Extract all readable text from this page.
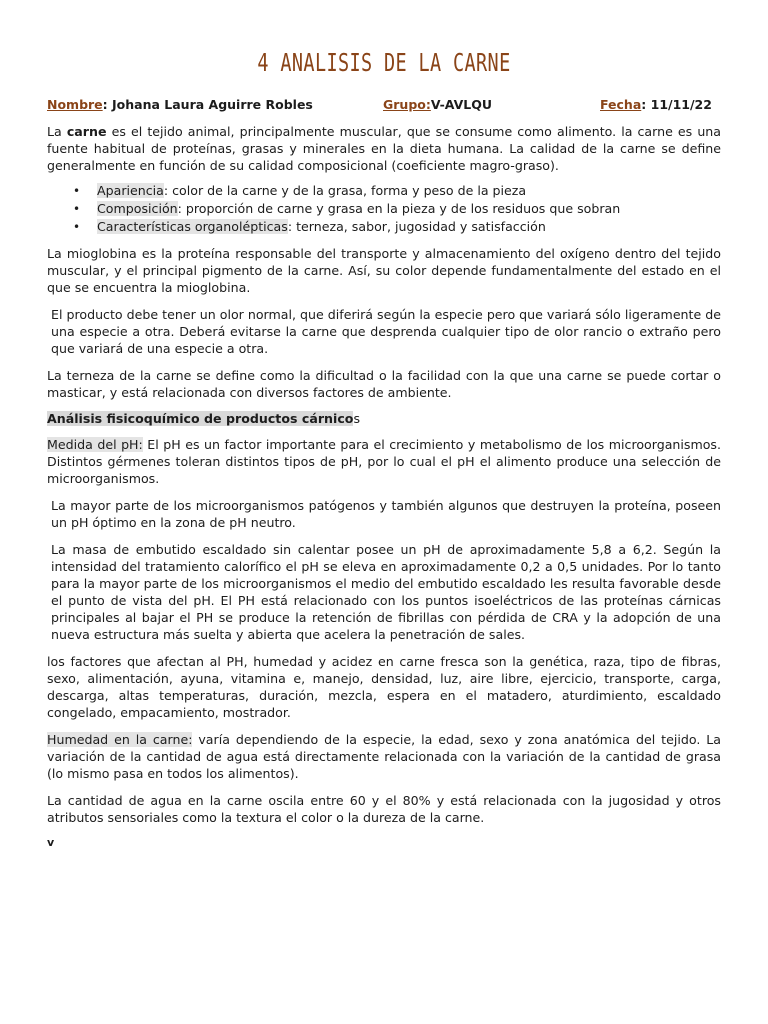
4 ANALISIS DE LA CARNE
Nombre : Johana Laura Aguirre Robles	Grupo: V-AVLQU	Fecha : 11/11/22

La carne es el tejido animal, principalmente muscular, que se consume como alimento. la carne es una fuente habitual de proteínas, grasas y minerales en la dieta humana. La calidad de la carne se define generalmente en función de su calidad composicional (coeficiente magro-graso).

• Apariencia: color de la carne y de la grasa, forma y peso de la pieza
• Composición: proporción de carne y grasa en la pieza y de los residuos que sobran
• Características organolépticas: terneza, sabor, jugosidad y satisfacción

La mioglobina es la proteína responsable del transporte y almacenamiento del oxígeno dentro del tejido muscular, y el principal pigmento de la carne. Así, su color depende fundamentalmente del estado en el que se encuentra la mioglobina.

El producto debe tener un olor normal, que diferirá según la especie pero que variará sólo ligeramente de una especie a otra. Deberá evitarse la carne que desprenda cualquier tipo de olor rancio o extraño pero que variará de una especie a otra.

La terneza de la carne se define como la dificultad o la facilidad con la que una carne se puede cortar o masticar, y está relacionada con diversos factores de ambiente.

Análisis fisicoquímico de productos cárnicos

Medida del pH: El pH es un factor importante para el crecimiento y metabolismo de los microorganismos. Distintos gérmenes toleran distintos tipos de pH, por lo cual el pH el alimento produce una selección de microorganismos.

La mayor parte de los microorganismos patógenos y también algunos que destruyen la proteína, poseen un pH óptimo en la zona de pH neutro.

La masa de embutido escaldado sin calentar posee un pH de aproximadamente 5,8 a 6,2. Según la intensidad del tratamiento calorífico el pH se eleva en aproximadamente 0,2 a 0,5 unidades. Por lo tanto para la mayor parte de los microorganismos el medio del embutido escaldado les resulta favorable desde el punto de vista del pH. El PH está relacionado con los puntos isoeléctricos de las proteínas cárnicas principales al bajar el PH se produce la retención de fibrillas con pérdida de CRA y la adopción de una nueva estructura más suelta y abierta que acelera la penetración de sales.

los factores que afectan al PH, humedad y acidez en carne fresca son la genética, raza, tipo de fibras, sexo, alimentación, ayuna, vitamina e, manejo, densidad, luz, aire libre, ejercicio, transporte, carga, descarga, altas temperaturas, duración, mezcla, espera en el matadero, aturdimiento, escaldado congelado, empacamiento, mostrador.

Humedad en la carne: varía dependiendo de la especie, la edad, sexo y zona anatómica del tejido. La variación de la cantidad de agua está directamente relacionada con la variación de la cantidad de grasa (lo mismo pasa en todos los alimentos).

La cantidad de agua en la carne oscila entre 60 y el 80% y está relacionada con la jugosidad y otros atributos sensoriales como la textura el color o la dureza de la carne.

v
